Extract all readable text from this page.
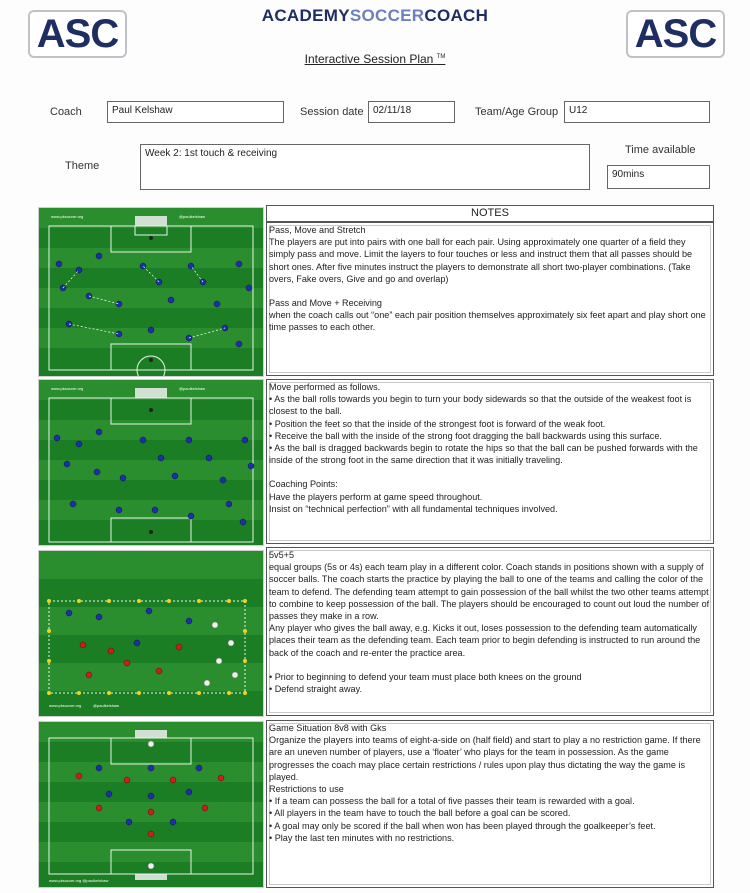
ASC	ASC
ACADEMYSOCCERCOACH
Interactive Session Plan ™
Coach	Paul Kelshaw	Session date 02/11/18	Team/Age Group	U12
Theme
Week 2: 1st touch & receiving	Time available
90mins
NOTES
www.pksoccer.org	@paulkelshaw
www.pksoccer.org	@paulkelshaw
www.pksoccer.org	@paulkelshaw
www.pksoccer.org @paulkelshaw

Pass, Move and Stretch

The players are put into pairs with one ball for each pair. Using approximately one quarter of a field they simply pass and move. Limit the layers to four touches or less and instruct them that all passes should be short ones. After five minutes instruct the players to demonstrate all short two-player combinations. (Take overs, Fake overs, Give and go and overlap)

Pass and Move + Receiving

when the coach calls out “one” each pair position themselves approximately six feet apart and play short one time passes to each other.

Move performed as follows.

• As the ball rolls towards you begin to turn your body sidewards so that the outside of the weakest foot is closest to the ball.

• Position the feet so that the inside of the strongest foot is forward of the weak foot.

• Receive the ball with the inside of the strong foot dragging the ball backwards using this surface.

• As the ball is dragged backwards begin to rotate the hips so that the ball can be pushed forwards with the inside of the strong foot in the same direction that it was initially traveling.

Coaching Points:

Have the players perform at game speed throughout.

Insist on “technical perfection” with all fundamental techniques involved.

5v5+5

equal groups (5s or 4s) each team play in a different color. Coach stands in positions shown with a supply of soccer balls. The coach starts the practice by playing the ball to one of the teams and calling the color of the team to defend. The defending team attempt to gain possession of the ball whilst the two other teams attempt to combine to keep possession of the ball. The players should be encouraged to count out loud the number of passes they make in a row.

Any player who gives the ball away, e.g. Kicks it out, loses possession to the defending team automatically places their team as the defending team. Each team prior to begin defending is instructed to run around the back of the coach and re-enter the practice area.

• Prior to beginning to defend your team must place both knees on the ground

• Defend straight away.

Game Situation 8v8 with Gks

Organize the players into teams of eight-a-side on (half field) and start to play a no restriction game. If there are an uneven number of players, use a ‘floater’ who plays for the team in possession. As the game progresses the coach may place certain restrictions / rules upon play thus dictating the way the game is played.

Restrictions to use

• If a team can possess the ball for a total of five passes their team is rewarded with a goal.

• All players in the team have to touch the ball before a goal can be scored.

• A goal may only be scored if the ball when won has been played through the goalkeeper’s feet.

• Play the last ten minutes with no restrictions.
